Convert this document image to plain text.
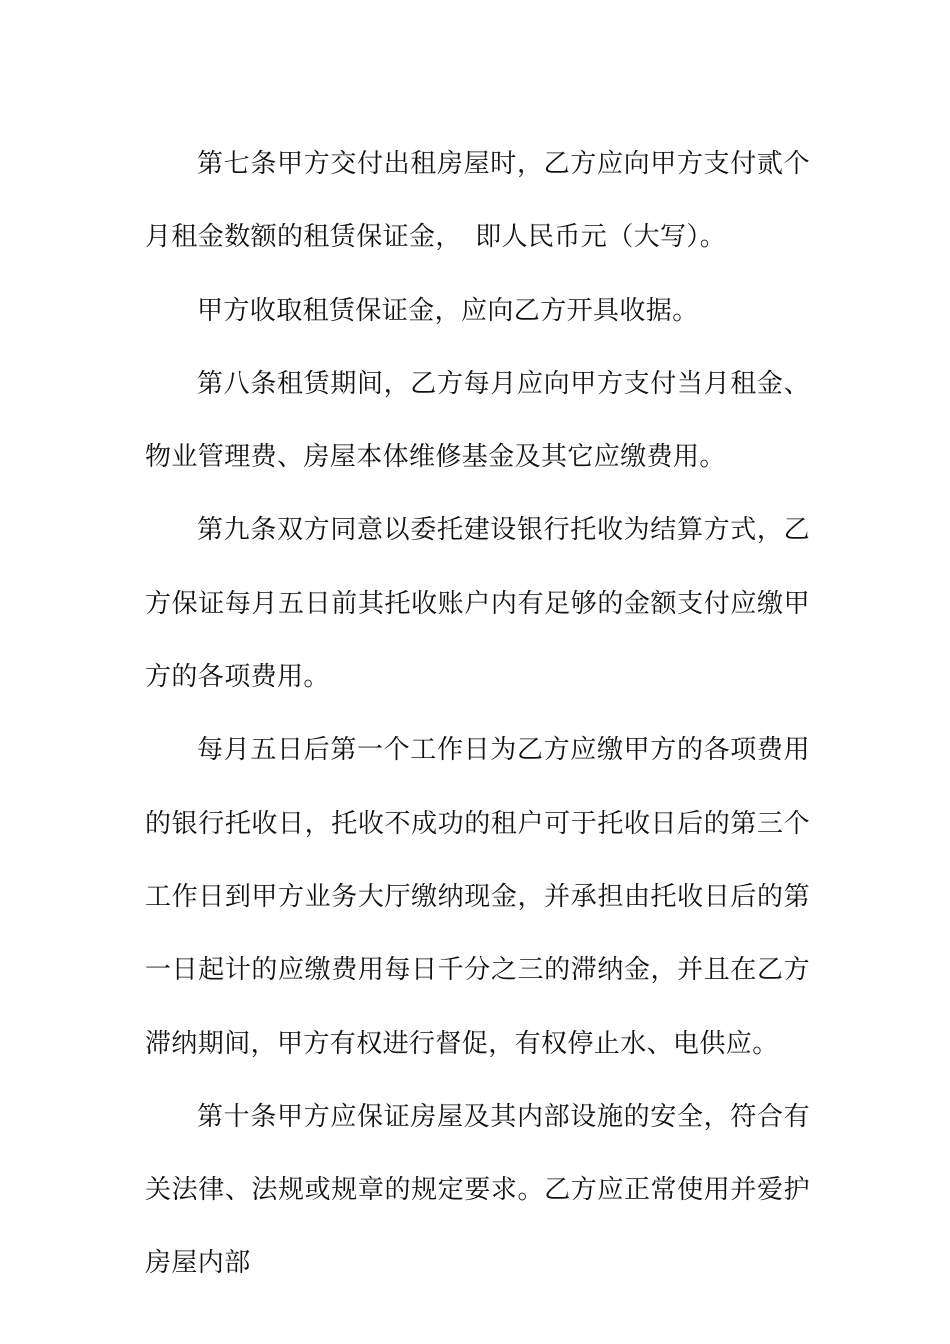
第七条甲方交付出租房屋时，乙方应向甲方支付贰个月租金数额的租赁保证金，　即人民币元（大写）。

甲方收取租赁保证金，应向乙方开具收据。

第八条租赁期间，乙方每月应向甲方支付当月租金、物业管理费、房屋本体维修基金及其它应缴费用。

第九条双方同意以委托建设银行托收为结算方式，乙方保证每月五日前其托收账户内有足够的金额支付应缴甲方的各项费用。

每月五日后第一个工作日为乙方应缴甲方的各项费用的银行托收日，托收不成功的租户可于托收日后的第三个工作日到甲方业务大厅缴纳现金，并承担由托收日后的第一日起计的应缴费用每日千分之三的滞纳金，并且在乙方滞纳期间，甲方有权进行督促，有权停止水、电供应。

第十条甲方应保证房屋及其内部设施的安全，符合有关法律、法规或规章的规定要求。乙方应正常使用并爱护房屋内部
